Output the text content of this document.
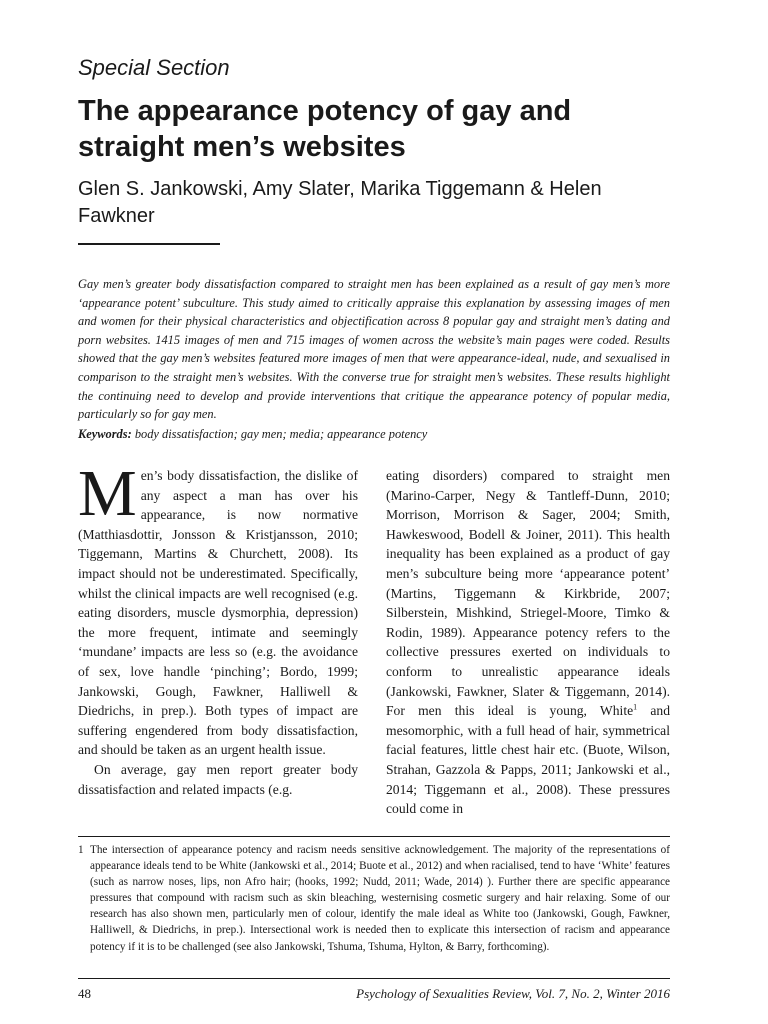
Special Section

The appearance potency of gay and straight men’s websites

Glen S. Jankowski, Amy Slater, Marika Tiggemann & Helen Fawkner

Gay men’s greater body dissatisfaction compared to straight men has been explained as a result of gay men’s more ‘appearance potent’ subculture. This study aimed to critically appraise this explanation by assessing images of men and women for their physical characteristics and objectification across 8 popular gay and straight men’s dating and porn websites. 1415 images of men and 715 images of women across the website’s main pages were coded. Results showed that the gay men’s websites featured more images of men that were appearance-ideal, nude, and sexualised in comparison to the straight men’s websites. With the converse true for straight men’s websites. These results highlight the continuing need to develop and provide interventions that critique the appearance potency of popular media, particularly so for gay men.

Keywords: body dissatisfaction; gay men; media; appearance potency

Men’s body dissatisfaction, the dislike of any aspect a man has over his appearance, is now normative (Matthiasdottir, Jonsson & Kristjansson, 2010; Tiggemann, Martins & Churchett, 2008). Its impact should not be underestimated. Specifically, whilst the clinical impacts are well recognised (e.g. eating disorders, muscle dysmorphia, depression) the more frequent, intimate and seemingly ‘mundane’ impacts are less so (e.g. the avoidance of sex, love handle ‘pinching’; Bordo, 1999; Jankowski, Gough, Fawkner, Halliwell & Diedrichs, in prep.). Both types of impact are suffering engendered from body dissatisfaction, and should be taken as an urgent health issue.

On average, gay men report greater body dissatisfaction and related impacts (e.g.

eating disorders) compared to straight men (Marino-Carper, Negy & Tantleff-Dunn, 2010; Morrison, Morrison & Sager, 2004; Smith, Hawkeswood, Bodell & Joiner, 2011). This health inequality has been explained as a product of gay men’s subculture being more ‘appearance potent’ (Martins, Tiggemann & Kirkbride, 2007; Silberstein, Mishkind, Striegel-Moore, Timko & Rodin, 1989). Appearance potency refers to the collective pressures exerted on individuals to conform to unrealistic appearance ideals (Jankowski, Fawkner, Slater & Tiggemann, 2014). For men this ideal is young, White$^1$ and mesomorphic, with a full head of hair, symmetrical facial features, little chest hair etc. (Buote, Wilson, Strahan, Gazzola & Papps, 2011; Jankowski et al., 2014; Tiggemann et al., 2008). These pressures could come in

1 The intersection of appearance potency and racism needs sensitive acknowledgement. The majority of the representations of appearance ideals tend to be White (Jankowski et al., 2014; Buote et al., 2012) and when racialised, tend to have ‘White’ features (such as narrow noses, lips, non Afro hair; (hooks, 1992; Nudd, 2011; Wade, 2014) ). Further there are specific appearance pressures that compound with racism such as skin bleaching, westernising cosmetic surgery and hair relaxing. Some of our research has also shown men, particularly men of colour, identify the male ideal as White too (Jankowski, Gough, Fawkner, Halliwell, & Diedrichs, in prep.). Intersectional work is needed then to explicate this intersection of racism and appearance potency if it is to be challenged (see also Jankowski, Tshuma, Tshuma, Hylton, & Barry, forthcoming).

48	Psychology of Sexualities Review, Vol. 7, No. 2, Winter 2016
